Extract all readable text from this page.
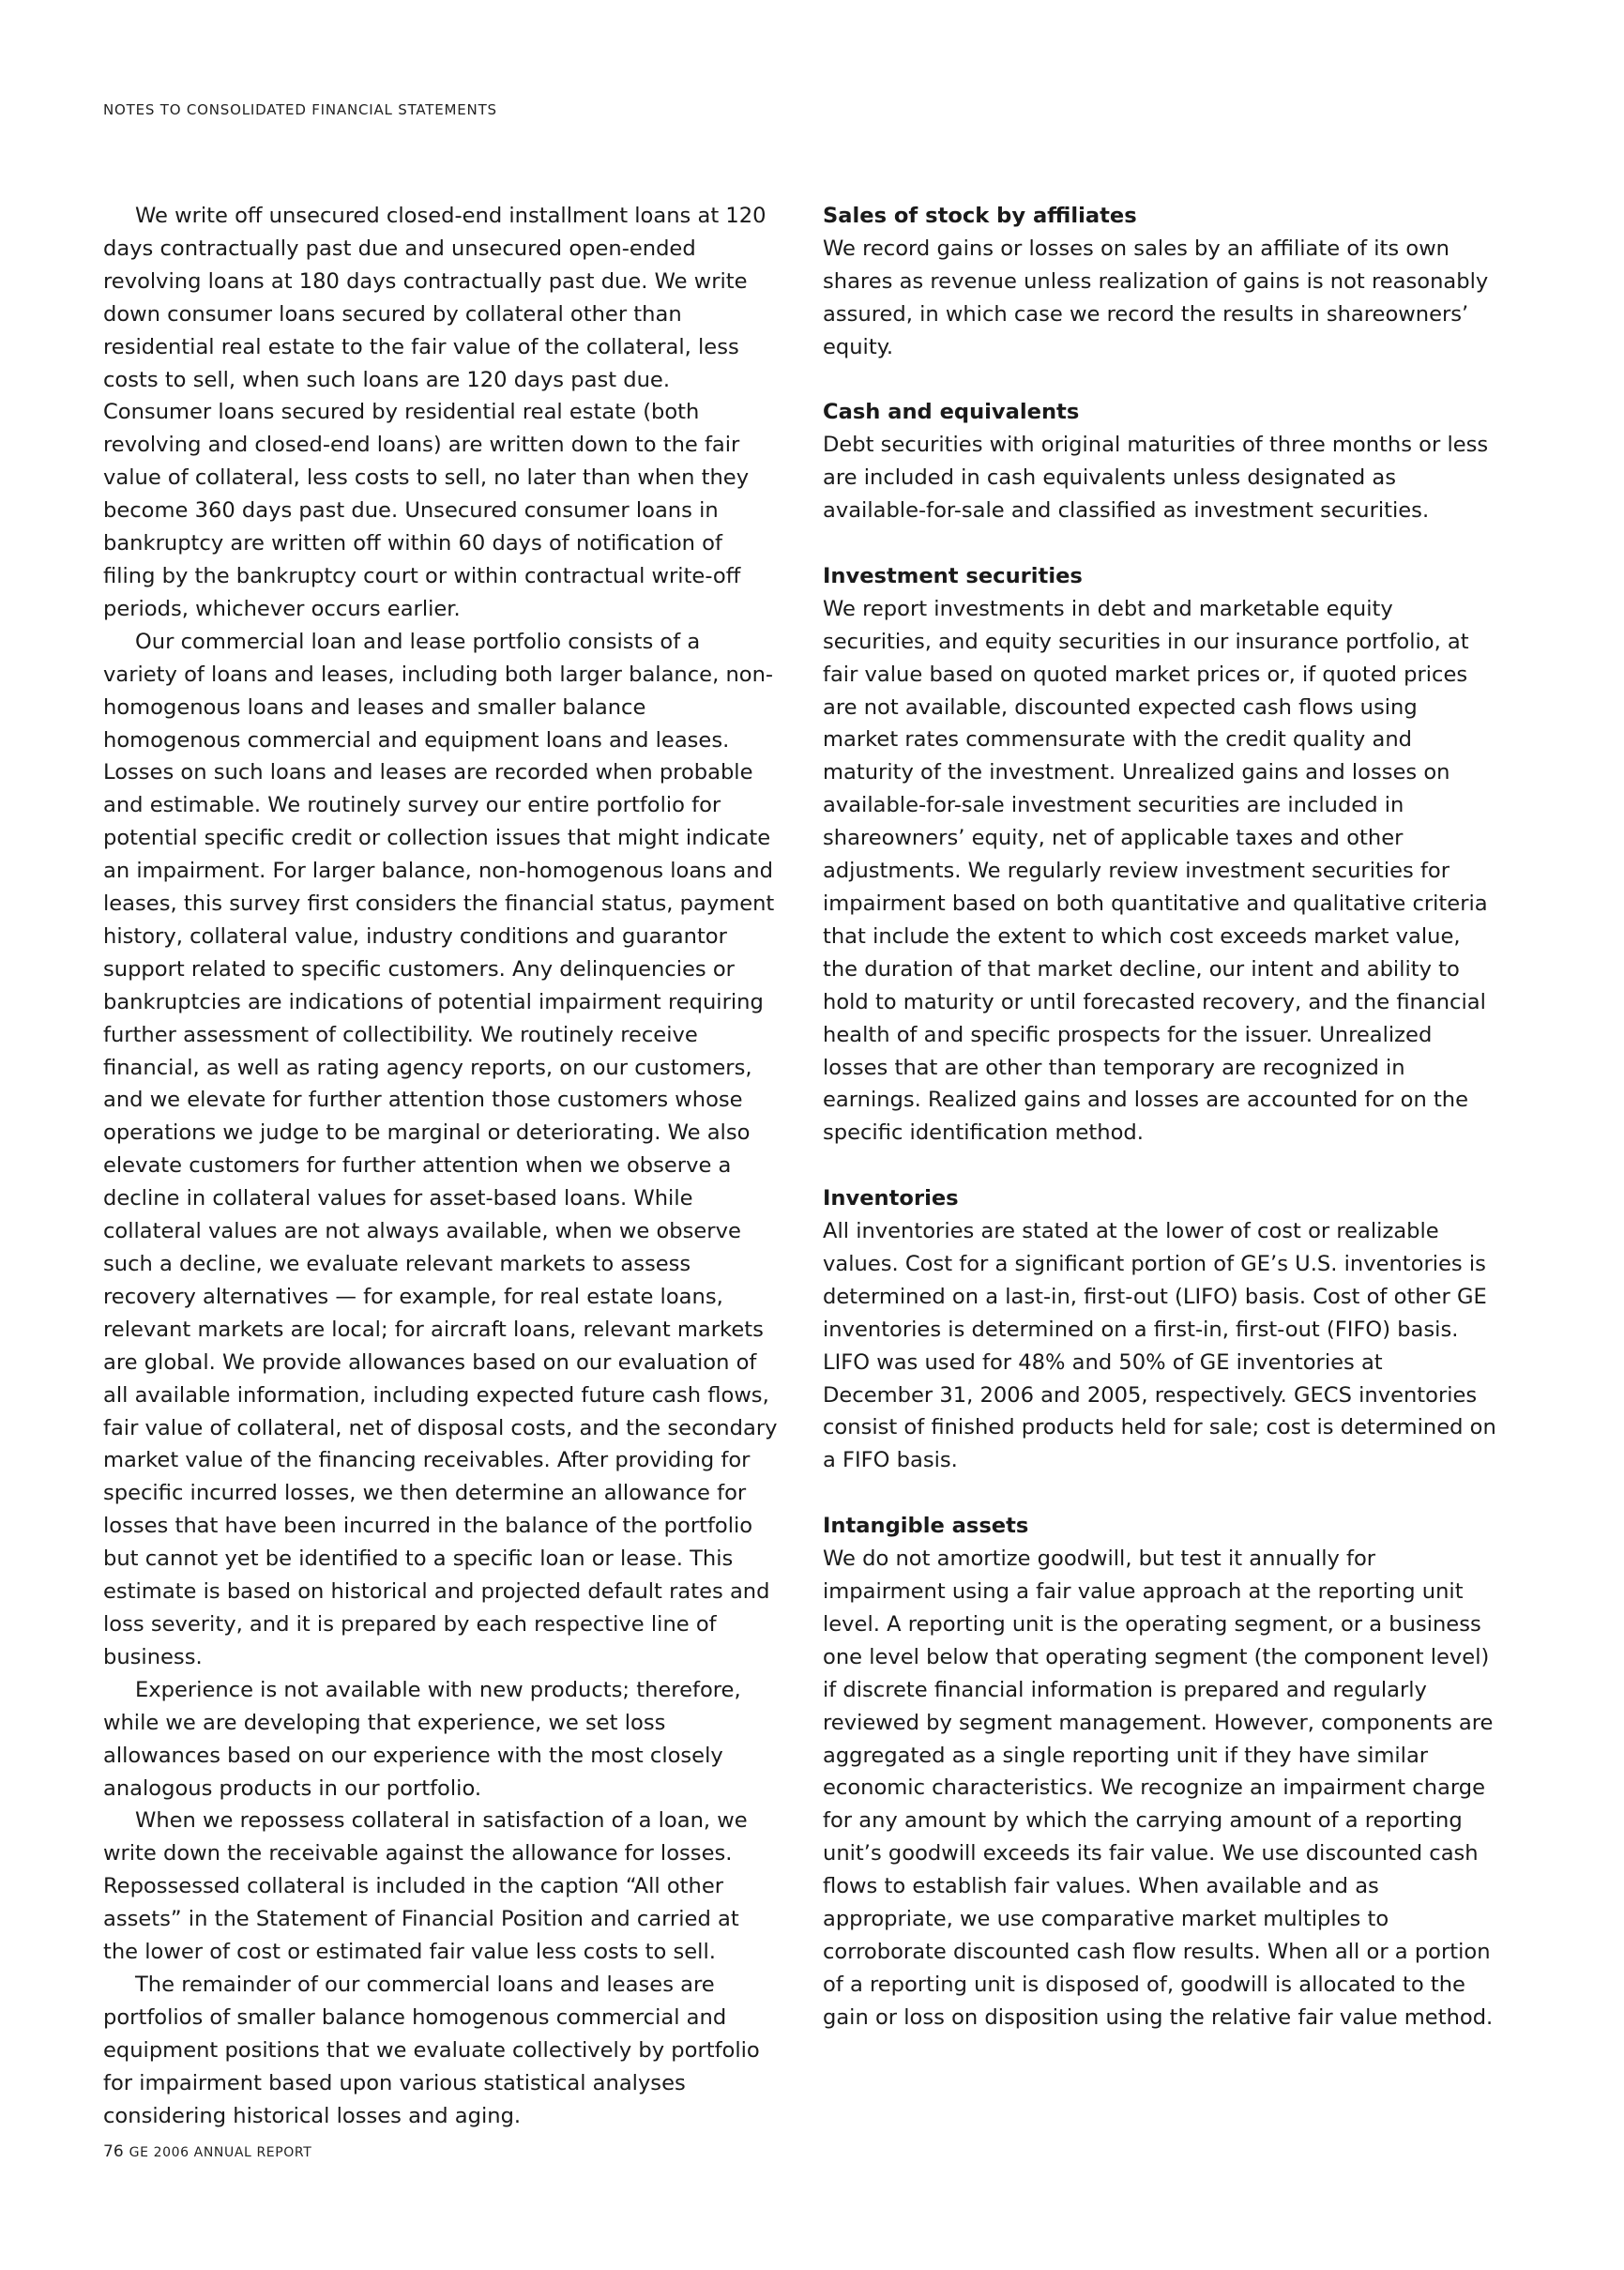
NOTES TO CONSOLIDATED FINANCIAL STATEMENTS

We write off unsecured closed-end installment loans at 120 days contractually past due and unsecured open-ended revolving loans at 180 days contractually past due. We write down consumer loans secured by collateral other than residential real estate to the fair value of the collateral, less costs to sell, when such loans are 120 days past due. Consumer loans secured by residential real estate (both revolving and closed-end loans) are written down to the fair value of collateral, less costs to sell, no later than when they become 360 days past due. Unsecured consumer loans in bankruptcy are written off within 60 days of notification of filing by the bankruptcy court or within contractual write-off periods, whichever occurs earlier.

Our commercial loan and lease portfolio consists of a variety of loans and leases, including both larger balance, non-homogenous loans and leases and smaller balance homogenous commercial and equipment loans and leases. Losses on such loans and leases are recorded when probable and estimable. We routinely survey our entire portfolio for potential specific credit or collection issues that might indicate an impairment. For larger balance, non-homogenous loans and leases, this survey first considers the financial status, payment history, collateral value, industry conditions and guarantor support related to specific customers. Any delinquencies or bankruptcies are indications of potential impairment requiring further assessment of collectibility. We routinely receive financial, as well as rating agency reports, on our customers, and we elevate for further attention those customers whose operations we judge to be marginal or deteriorating. We also elevate customers for further attention when we observe a decline in collateral values for asset-based loans. While collateral values are not always available, when we observe such a decline, we evaluate relevant markets to assess recovery alternatives — for example, for real estate loans, relevant markets are local; for aircraft loans, relevant markets are global. We provide allowances based on our evaluation of all available information, including expected future cash flows, fair value of collateral, net of disposal costs, and the secondary market value of the financing receivables. After providing for specific incurred losses, we then determine an allowance for losses that have been incurred in the balance of the portfolio but cannot yet be identified to a specific loan or lease. This estimate is based on historical and projected default rates and loss severity, and it is prepared by each respective line of business.

Experience is not available with new products; therefore, while we are developing that experience, we set loss allowances based on our experience with the most closely analogous products in our portfolio.

When we repossess collateral in satisfaction of a loan, we write down the receivable against the allowance for losses. Repossessed collateral is included in the caption “All other assets” in the Statement of Financial Position and carried at the lower of cost or estimated fair value less costs to sell.

The remainder of our commercial loans and leases are portfolios of smaller balance homogenous commercial and equipment positions that we evaluate collectively by portfolio for impairment based upon various statistical analyses considering historical losses and aging.

Sales of stock by affiliates

We record gains or losses on sales by an affiliate of its own shares as revenue unless realization of gains is not reasonably assured, in which case we record the results in shareowners’ equity.

Cash and equivalents

Debt securities with original maturities of three months or less are included in cash equivalents unless designated as available-for-sale and classified as investment securities.

Investment securities

We report investments in debt and marketable equity securities, and equity securities in our insurance portfolio, at fair value based on quoted market prices or, if quoted prices are not available, discounted expected cash flows using market rates commensurate with the credit quality and maturity of the investment. Unrealized gains and losses on available-for-sale investment securities are included in shareowners’ equity, net of applicable taxes and other adjustments. We regularly review investment securities for impairment based on both quantitative and qualitative criteria that include the extent to which cost exceeds market value, the duration of that market decline, our intent and ability to hold to maturity or until forecasted recovery, and the financial health of and specific prospects for the issuer. Unrealized losses that are other than temporary are recognized in earnings. Realized gains and losses are accounted for on the specific identification method.

Inventories

All inventories are stated at the lower of cost or realizable values. Cost for a significant portion of GE’s U.S. inventories is determined on a last-in, first-out (LIFO) basis. Cost of other GE inventories is determined on a first-in, first-out (FIFO) basis. LIFO was used for 48% and 50% of GE inventories at December 31, 2006 and 2005, respectively. GECS inventories consist of finished products held for sale; cost is determined on a FIFO basis.

Intangible assets

We do not amortize goodwill, but test it annually for impairment using a fair value approach at the reporting unit level. A reporting unit is the operating segment, or a business one level below that operating segment (the component level) if discrete financial information is prepared and regularly reviewed by segment management. However, components are aggregated as a single reporting unit if they have similar economic characteristics. We recognize an impairment charge for any amount by which the carrying amount of a reporting unit’s goodwill exceeds its fair value. We use discounted cash flows to establish fair values. When available and as appropriate, we use comparative market multiples to corroborate discounted cash flow results. When all or a portion of a reporting unit is disposed of, goodwill is allocated to the gain or loss on disposition using the relative fair value method.

76 GE 2006 ANNUAL REPORT
